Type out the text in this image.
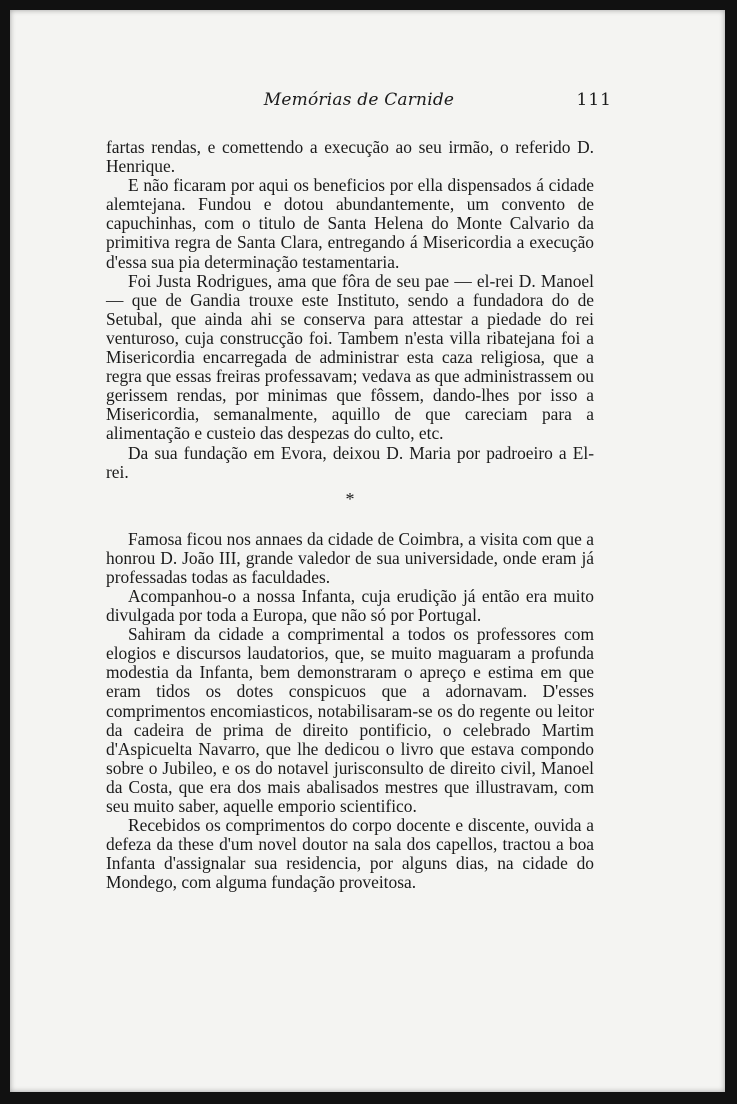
Memórias de Carnide	111

fartas rendas, e comettendo a execução ao seu irmão, o referido D. Henrique.

E não ficaram por aqui os beneficios por ella dispensados á cidade alemtejana. Fundou e dotou abundantemente, um convento de capuchinhas, com o titulo de Santa Helena do Monte Calvario da primitiva regra de Santa Clara, entregando á Misericordia a execução d'essa sua pia determinação testamentaria.

Foi Justa Rodrigues, ama que fôra de seu pae — el-rei D. Manoel — que de Gandia trouxe este Instituto, sendo a fundadora do de Setubal, que ainda ahi se conserva para attestar a piedade do rei venturoso, cuja construcção foi. Tambem n'esta villa ribatejana foi a Misericordia encarregada de administrar esta caza religiosa, que a regra que essas freiras professavam; vedava as que administrassem ou gerissem rendas, por minimas que fôssem, dando-lhes por isso a Misericordia, semanalmente, aquillo de que careciam para a alimentação e custeio das despezas do culto, etc.

Da sua fundação em Evora, deixou D. Maria por padroeiro a El-rei.

*

Famosa ficou nos annaes da cidade de Coimbra, a visita com que a honrou D. João III, grande valedor de sua universidade, onde eram já professadas todas as faculdades.

Acompanhou-o a nossa Infanta, cuja erudição já então era muito divulgada por toda a Europa, que não só por Portugal.

Sahiram da cidade a comprimental a todos os professores com elogios e discursos laudatorios, que, se muito maguaram a profunda modestia da Infanta, bem demonstraram o apreço e estima em que eram tidos os dotes conspicuos que a adornavam. D'esses comprimentos encomiasticos, notabilisaram-se os do regente ou leitor da cadeira de prima de direito pontificio, o celebrado Martim d'Aspicuelta Navarro, que lhe dedicou o livro que estava compondo sobre o Jubileo, e os do notavel jurisconsulto de direito civil, Manoel da Costa, que era dos mais abalisados mestres que illustravam, com seu muito saber, aquelle emporio scientifico.

Recebidos os comprimentos do corpo docente e discente, ouvida a defeza da these d'um novel doutor na sala dos capellos, tractou a boa Infanta d'assignalar sua residencia, por alguns dias, na cidade do Mondego, com alguma fundação proveitosa.
